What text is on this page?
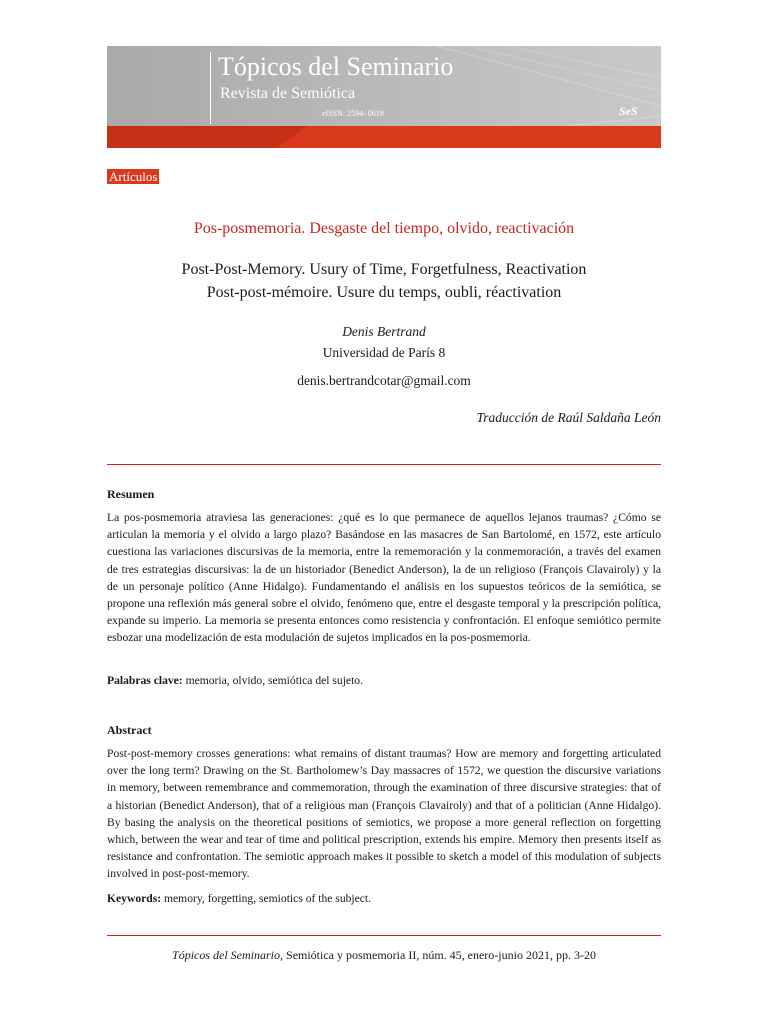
Tópicos del Seminario
Revista de Semiótica
eISSN: 2594- 0619	SeS
Artículos
Pos-posmemoria. Desgaste del tiempo, olvido, reactivación
Post-Post-Memory. Usury of Time, Forgetfulness, Reactivation
Post-post-mémoire. Usure du temps, oubli, réactivation
Denis Bertrand
Universidad de París 8
denis.bertrandcotar@gmail.com
Traducción de Raúl Saldaña León
Resumen
La pos-posmemoria atraviesa las generaciones: ¿qué es lo que permanece de aquellos lejanos traumas? ¿Cómo se articulan la memoria y el olvido a largo plazo? Basándose en las masacres de San Bartolomé, en 1572, este artículo cuestiona las variaciones discursivas de la memoria, entre la rememoración y la conmemoración, a través del examen de tres estrategias discursivas: la de un historiador (Benedict Anderson), la de un religioso (François Clavairoly) y la de un personaje político (Anne Hidalgo). Fundamentando el análisis en los supuestos teóricos de la semiótica, se propone una reflexión más general sobre el olvido, fenómeno que, entre el desgaste temporal y la prescripción política, expande su imperio. La memoria se presenta entonces como resistencia y confrontación. El enfoque semiótico permite esbozar una modelización de esta modulación de sujetos implicados en la pos-posmemoria.
Palabras clave: memoria, olvido, semiótica del sujeto.
Abstract
Post-post-memory crosses generations: what remains of distant traumas? How are memory and forgetting articulated over the long term? Drawing on the St. Bartholomew’s Day massacres of 1572, we question the discursive variations in memory, between remembrance and commemoration, through the examination of three discursive strategies: that of a historian (Benedict Anderson), that of a religious man (François Clavairoly) and that of a politician (Anne Hidalgo). By basing the analysis on the theoretical positions of semiotics, we propose a more general reflection on forgetting which, between the wear and tear of time and political prescription, extends his empire. Memory then presents itself as resistance and confrontation. The semiotic approach makes it possible to sketch a model of this modulation of subjects involved in post-post-memory.
Keywords: memory, forgetting, semiotics of the subject.
Tópicos del Seminario, Semiótica y posmemoria II, núm. 45, enero-junio 2021, pp. 3-20
